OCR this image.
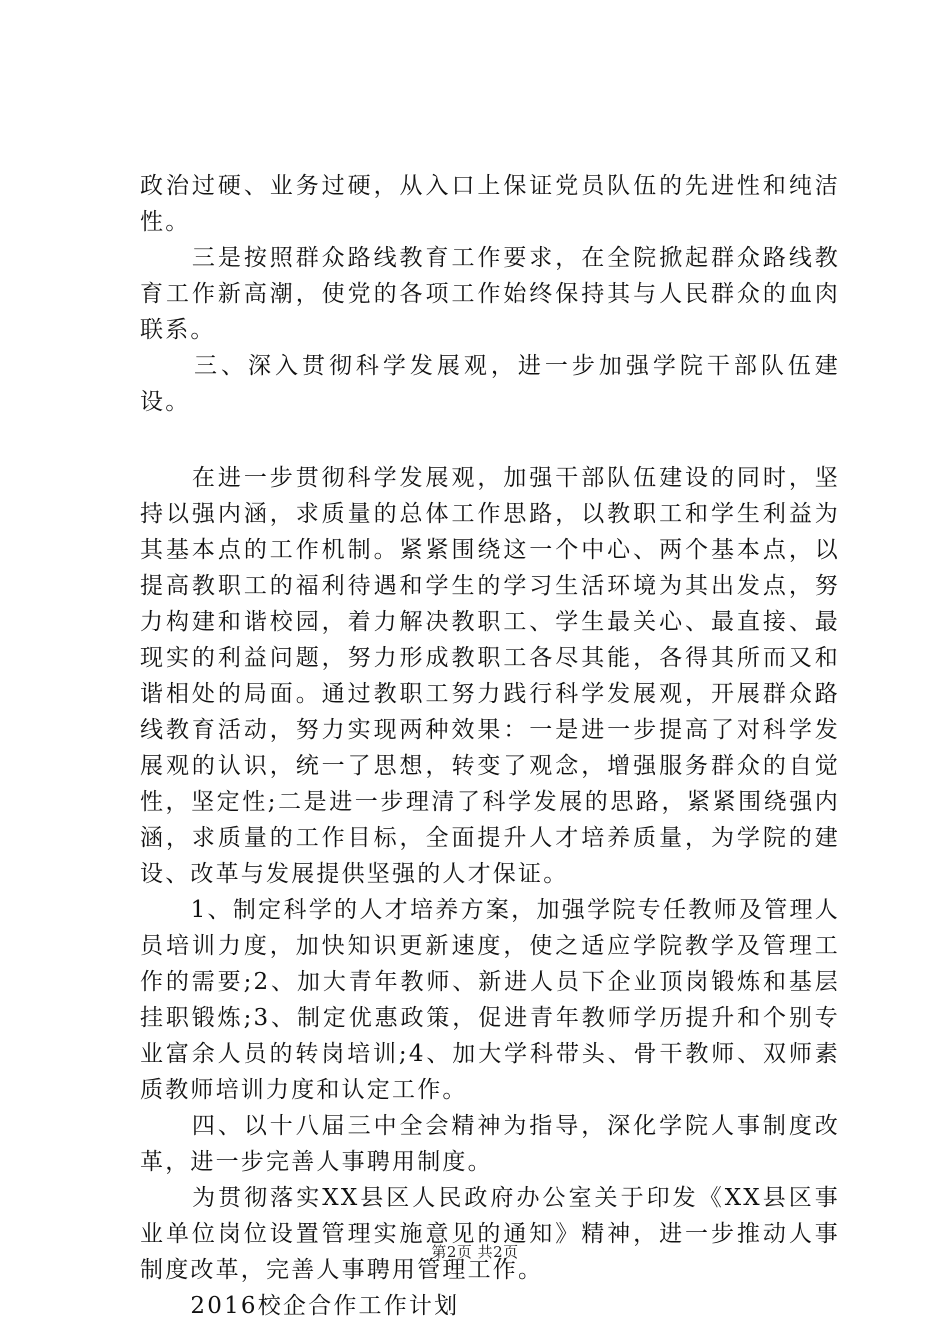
政治过硬、业务过硬，从入口上保证党员队伍的先进性和纯洁性。

　　三是按照群众路线教育工作要求，在全院掀起群众路线教育工作新高潮，使党的各项工作始终保持其与人民群众的血肉联系。

　　三、深入贯彻科学发展观，进一步加强学院干部队伍建设。

　　在进一步贯彻科学发展观，加强干部队伍建设的同时，坚持以强内涵，求质量的总体工作思路，以教职工和学生利益为其基本点的工作机制。紧紧围绕这一个中心、两个基本点，以提高教职工的福利待遇和学生的学习生活环境为其出发点，努力构建和谐校园，着力解决教职工、学生最关心、最直接、最现实的利益问题，努力形成教职工各尽其能，各得其所而又和谐相处的局面。通过教职工努力践行科学发展观，开展群众路线教育活动，努力实现两种效果：一是进一步提高了对科学发展观的认识，统一了思想，转变了观念，增强服务群众的自觉性，坚定性;二是进一步理清了科学发展的思路，紧紧围绕强内涵，求质量的工作目标，全面提升人才培养质量，为学院的建设、改革与发展提供坚强的人才保证。

　　1、制定科学的人才培养方案，加强学院专任教师及管理人员培训力度，加快知识更新速度，使之适应学院教学及管理工作的需要;2、加大青年教师、新进人员下企业顶岗锻炼和基层挂职锻炼;3、制定优惠政策，促进青年教师学历提升和个别专业富余人员的转岗培训;4、加大学科带头、骨干教师、双师素质教师培训力度和认定工作。

　　四、以十八届三中全会精神为指导，深化学院人事制度改革，进一步完善人事聘用制度。

　　为贯彻落实XX县区人民政府办公室关于印发《XX县区事业单位岗位设置管理实施意见的通知》精神，进一步推动人事制度改革，完善人事聘用管理工作。

　　2016校企合作工作计划

第2页 共2页
